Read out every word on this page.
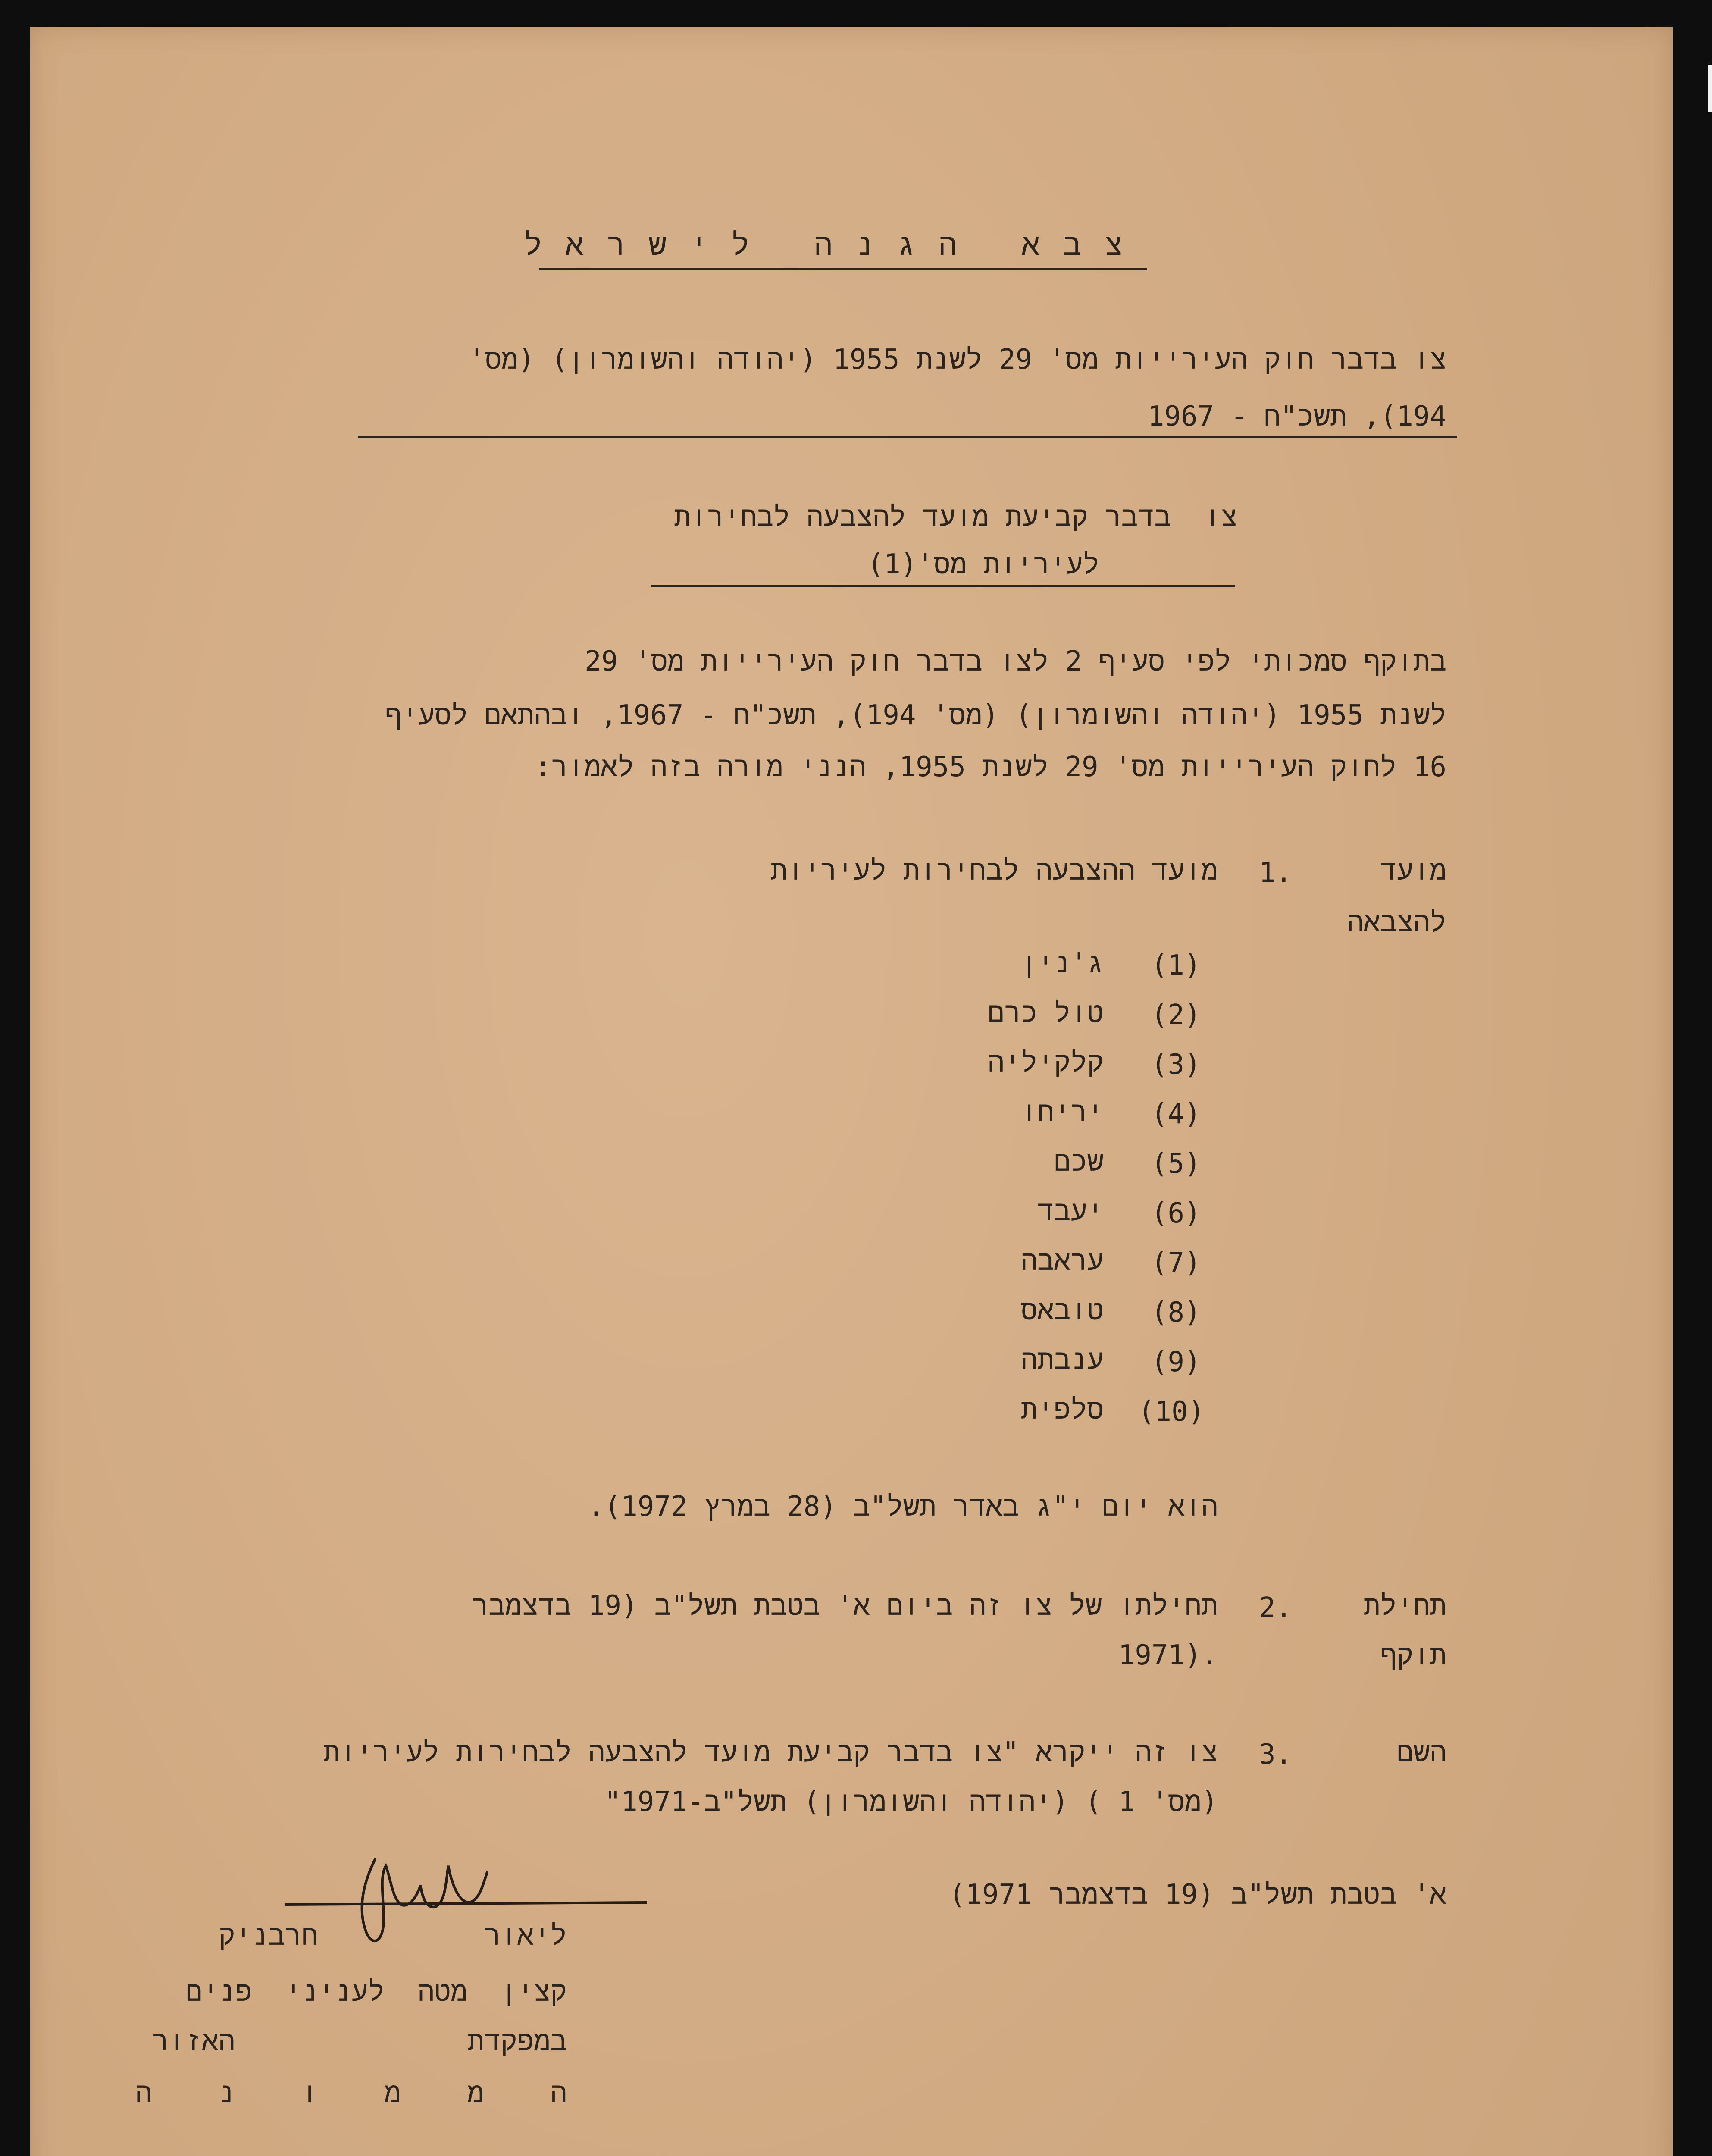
צ ב א   ה ג נ ה   ל י ש ר א ל
צו בדבר חוק העירייות מס' 29 לשנת 1955 (יהודה והשומרון) (מס'
194), תשכ"ח - 1967
צו  בדבר קביעת מועד להצבעה לבחירות
לעיריות מס'(1)
בתוקף סמכותי לפי סעיף 2 לצו בדבר חוק העירייות מס' 29
לשנת 1955 (יהודה והשומרון) (מס' 194), תשכ"ח - 1967, ובהתאם לסעיף
16 לחוק העירייות מס' 29 לשנת 1955, הנני מורה בזה לאמור:
מועד
להצבאה
1.
מועד ההצבעה לבחירות לעיריות
(1)
ג'נין
(2)
טול כרם
(3)
קלקיליה
(4)
יריחו
(5)
שכם
(6)
יעבד
(7)
עראבה
(8)
טובאס
(9)
ענבתה
(10)
סלפית
הוא יום י"ג באדר תשל"ב (28 במרץ 1972).
תחילת
תוקף
2.
תחילתו של צו זה ביום א' בטבת תשל"ב (19 בדצמבר
1971).
השם
3.
צו זה ייקרא "צו בדבר קביעת מועד להצבעה לבחירות לעיריות
(מס' 1 ) (יהודה והשומרון) תשל"ב-1971"
א' בטבת תשל"ב (19 בדצמבר 1971)
ליאור          חרבניק
קצין  מטה  לעניני  פנים
במפקדת              האזור
ה    מ    מ    ו    נ    ה
